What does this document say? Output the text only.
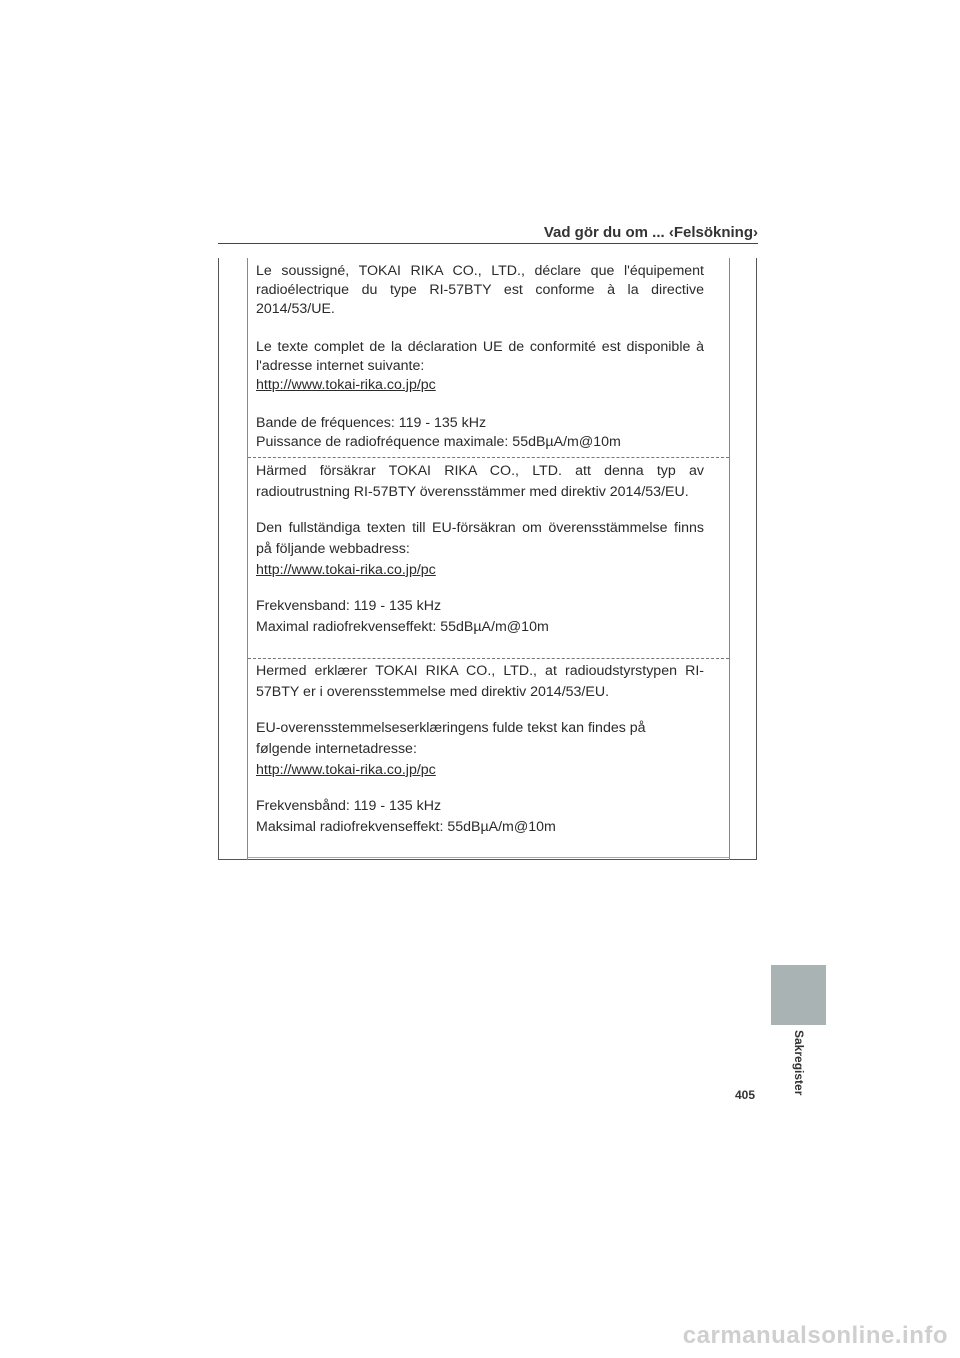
Vad gör du om ... ‹Felsökning›

Le soussigné, TOKAI RIKA CO., LTD., déclare que l'équipement radioélectrique du type RI-57BTY est conforme à la directive 2014/53/UE.

Le texte complet de la déclaration UE de conformité est disponible à l'adresse internet suivante:

http://www.tokai-rika.co.jp/pc

Bande de fréquences: 119 - 135 kHz

Puissance de radiofréquence maximale: 55dBµA/m@10m

Härmed försäkrar TOKAI RIKA CO., LTD. att denna typ av radioutrustning RI-57BTY överensstämmer med direktiv 2014/53/EU.

Den fullständiga texten till EU-försäkran om överensstämmelse finns på följande webbadress:

http://www.tokai-rika.co.jp/pc

Frekvensband: 119 - 135 kHz

Maximal radiofrekvenseffekt: 55dBµA/m@10m

Hermed erklærer TOKAI RIKA CO., LTD., at radioudstyrstypen RI-57BTY er i overensstemmelse med direktiv 2014/53/EU.

EU-overensstemmelseserklæringens fulde tekst kan findes på

følgende internetadresse:

http://www.tokai-rika.co.jp/pc

Frekvensbånd: 119 - 135 kHz

Maksimal radiofrekvenseffekt: 55dBµA/m@10m

Sakregister
405
carmanualsonline.info
